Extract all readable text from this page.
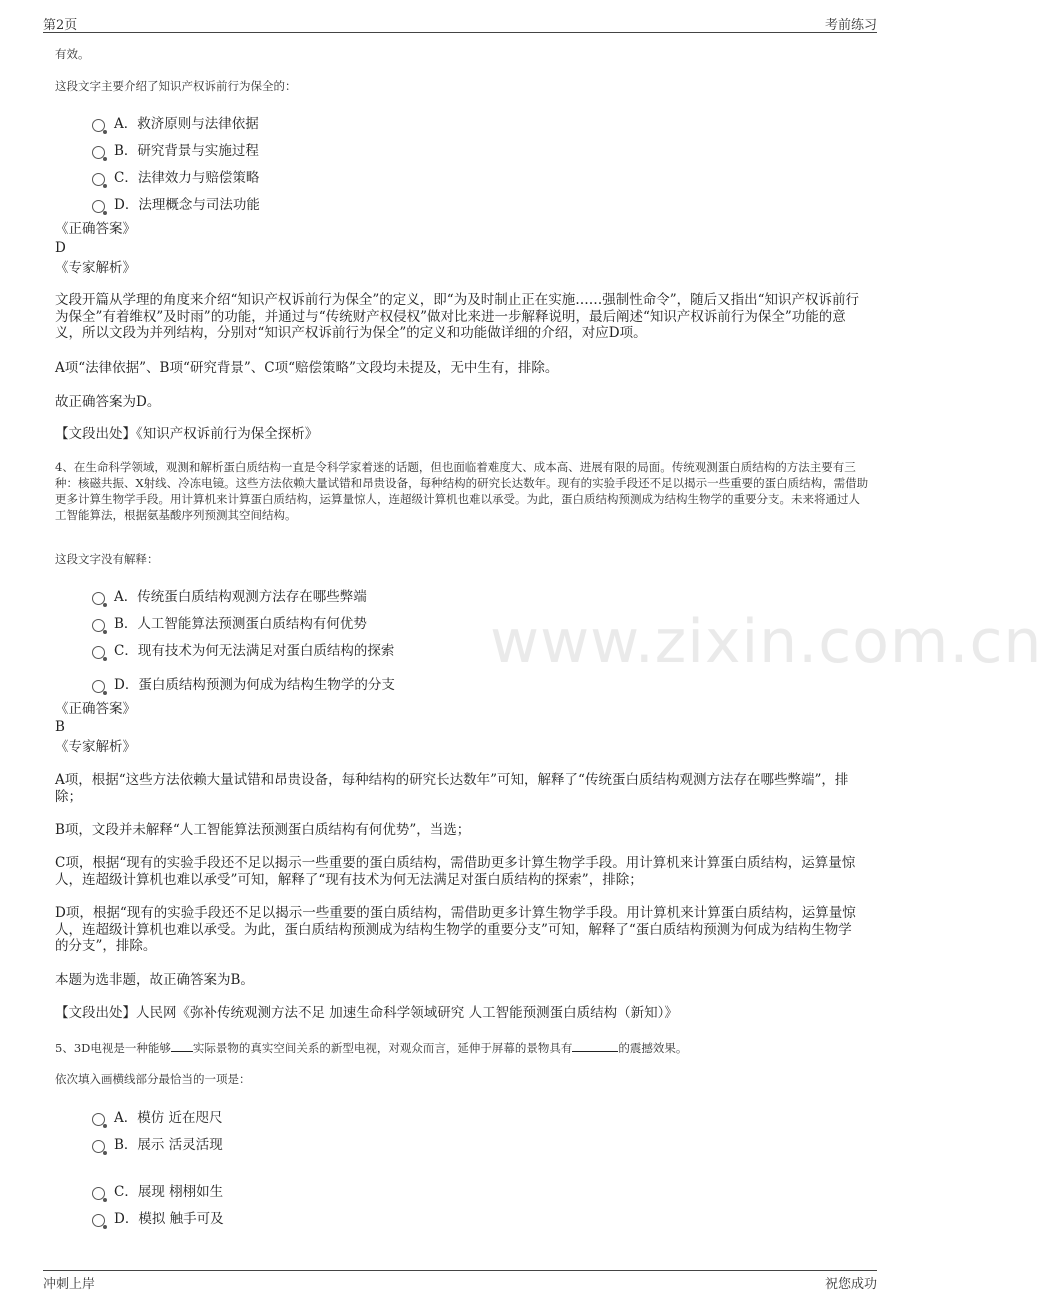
第2页	考前练习
www.zixin.com.cn
有效。
这段文字主要介绍了知识产权诉前行为保全的：
A．救济原则与法律依据
B．研究背景与实施过程
C．法律效力与赔偿策略
D．法理概念与司法功能
《正确答案》
D
《专家解析》
文段开篇从学理的角度来介绍“知识产权诉前行为保全”的定义，即“为及时制止正在实施……强制性命令”，随后又指出“知识产权诉前行为保全”有着维权”及时雨”的功能，并通过与“传统财产权侵权”做对比来进一步解释说明，最后阐述“知识产权诉前行为保全”功能的意义，所以文段为并列结构，分别对“知识产权诉前行为保全”的定义和功能做详细的介绍，对应D项。
A项“法律依据”、B项“研究背景”、C项“赔偿策略”文段均未提及，无中生有，排除。
故正确答案为D。
【文段出处】《知识产权诉前行为保全探析》
4、在生命科学领域，观测和解析蛋白质结构一直是令科学家着迷的话题，但也面临着难度大、成本高、进展有限的局面。传统观测蛋白质结构的方法主要有三种：核磁共振、X射线、冷冻电镜。这些方法依赖大量试错和昂贵设备，每种结构的研究长达数年。现有的实验手段还不足以揭示一些重要的蛋白质结构，需借助更多计算生物学手段。用计算机来计算蛋白质结构，运算量惊人，连超级计算机也难以承受。为此，蛋白质结构预测成为结构生物学的重要分支。未来将通过人工智能算法，根据氨基酸序列预测其空间结构。
这段文字没有解释：
A．传统蛋白质结构观测方法存在哪些弊端
B．人工智能算法预测蛋白质结构有何优势
C．现有技术为何无法满足对蛋白质结构的探索
D．蛋白质结构预测为何成为结构生物学的分支
《正确答案》
B
《专家解析》
A项，根据“这些方法依赖大量试错和昂贵设备，每种结构的研究长达数年”可知，解释了“传统蛋白质结构观测方法存在哪些弊端”，排除；
B项，文段并未解释“人工智能算法预测蛋白质结构有何优势”，当选；
C项，根据“现有的实验手段还不足以揭示一些重要的蛋白质结构，需借助更多计算生物学手段。用计算机来计算蛋白质结构，运算量惊人，连超级计算机也难以承受”可知，解释了“现有技术为何无法满足对蛋白质结构的探索”，排除；
D项，根据“现有的实验手段还不足以揭示一些重要的蛋白质结构，需借助更多计算生物学手段。用计算机来计算蛋白质结构，运算量惊人，连超级计算机也难以承受。为此，蛋白质结构预测成为结构生物学的重要分支”可知，解释了“蛋白质结构预测为何成为结构生物学的分支”，排除。
本题为选非题，故正确答案为B。
【文段出处】人民网《弥补传统观测方法不足 加速生命科学领域研究 人工智能预测蛋白质结构（新知）》
5、3D电视是一种能够 实际景物的真实空间关系的新型电视，对观众而言，延伸于屏幕的景物具有	的震撼效果。
依次填入画横线部分最恰当的一项是：
A．模仿 近在咫尺
B．展示 活灵活现
C．展现 栩栩如生
D．模拟 触手可及
冲刺上岸	祝您成功
